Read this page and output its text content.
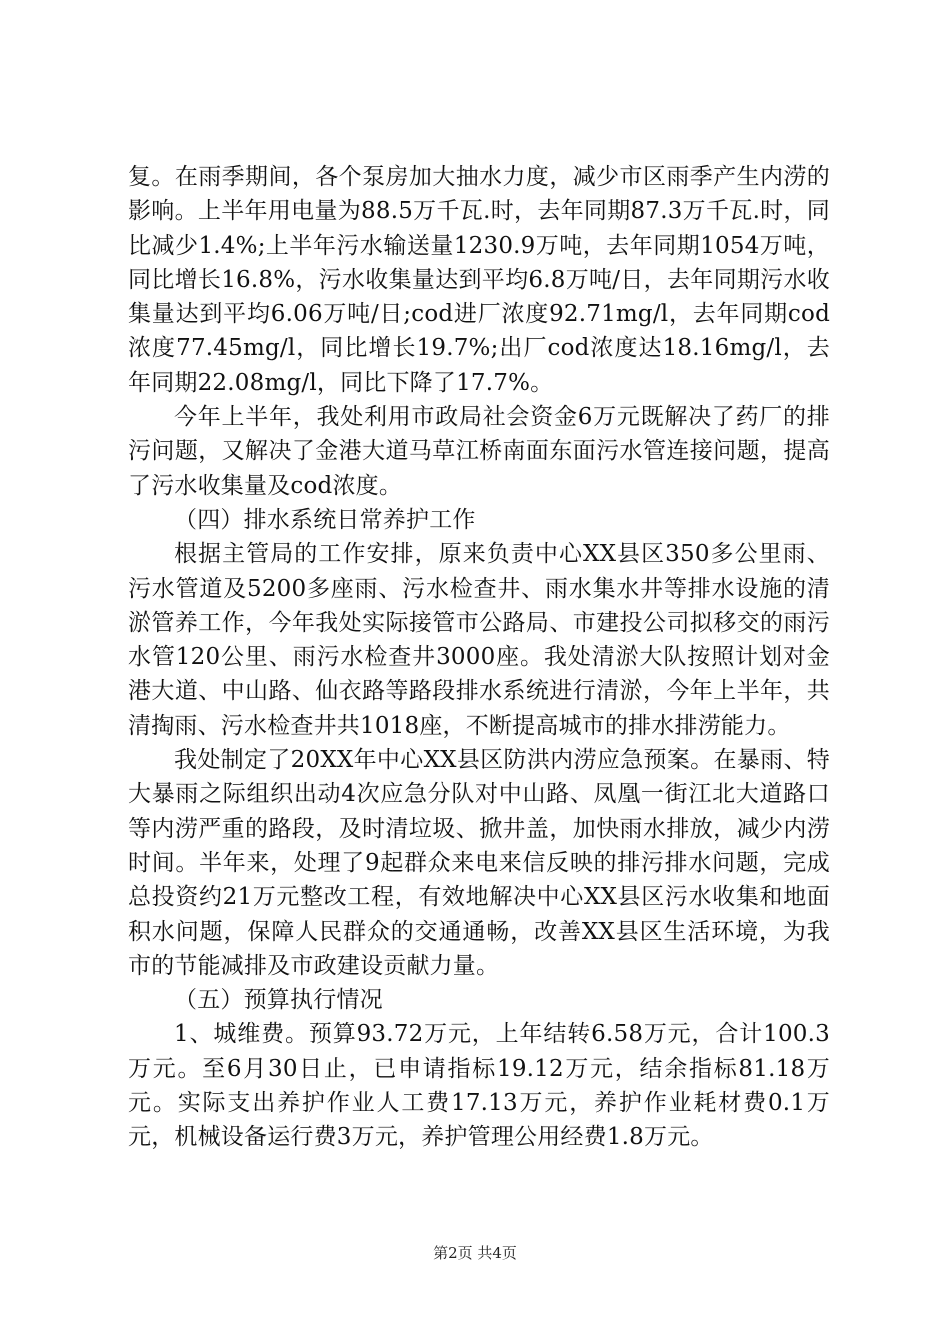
复。在雨季期间，各个泵房加大抽水力度，减少市区雨季产生内涝的影响。上半年用电量为88.5万千瓦.时，去年同期87.3万千瓦.时，同比减少1.4%;上半年污水输送量1230.9万吨，去年同期1054万吨，同比增长16.8%，污水收集量达到平均6.8万吨/日，去年同期污水收集量达到平均6.06万吨/日;cod进厂浓度92.71mg/l，去年同期cod浓度77.45mg/l，同比增长19.7%;出厂cod浓度达18.16mg/l，去年同期22.08mg/l，同比下降了17.7%。

今年上半年，我处利用市政局社会资金6万元既解决了药厂的排污问题，又解决了金港大道马草江桥南面东面污水管连接问题，提高了污水收集量及cod浓度。

（四）排水系统日常养护工作

根据主管局的工作安排，原来负责中心XX县区350多公里雨、污水管道及5200多座雨、污水检查井、雨水集水井等排水设施的清淤管养工作，今年我处实际接管市公路局、市建投公司拟移交的雨污水管120公里、雨污水检查井3000座。我处清淤大队按照计划对金港大道、中山路、仙衣路等路段排水系统进行清淤，今年上半年，共清掏雨、污水检查井共1018座，不断提高城市的排水排涝能力。

我处制定了20XX年中心XX县区防洪内涝应急预案。在暴雨、特大暴雨之际组织出动4次应急分队对中山路、凤凰一街江北大道路口等内涝严重的路段，及时清垃圾、掀井盖，加快雨水排放，减少内涝时间。半年来，处理了9起群众来电来信反映的排污排水问题，完成总投资约21万元整改工程，有效地解决中心XX县区污水收集和地面积水问题，保障人民群众的交通通畅，改善XX县区生活环境，为我市的节能减排及市政建设贡献力量。

（五）预算执行情况

1、城维费。预算93.72万元，上年结转6.58万元，合计100.3万元。至6月30日止，已申请指标19.12万元，结余指标81.18万元。实际支出养护作业人工费17.13万元，养护作业耗材费0.1万元，机械设备运行费3万元，养护管理公用经费1.8万元。

第2页 共4页
